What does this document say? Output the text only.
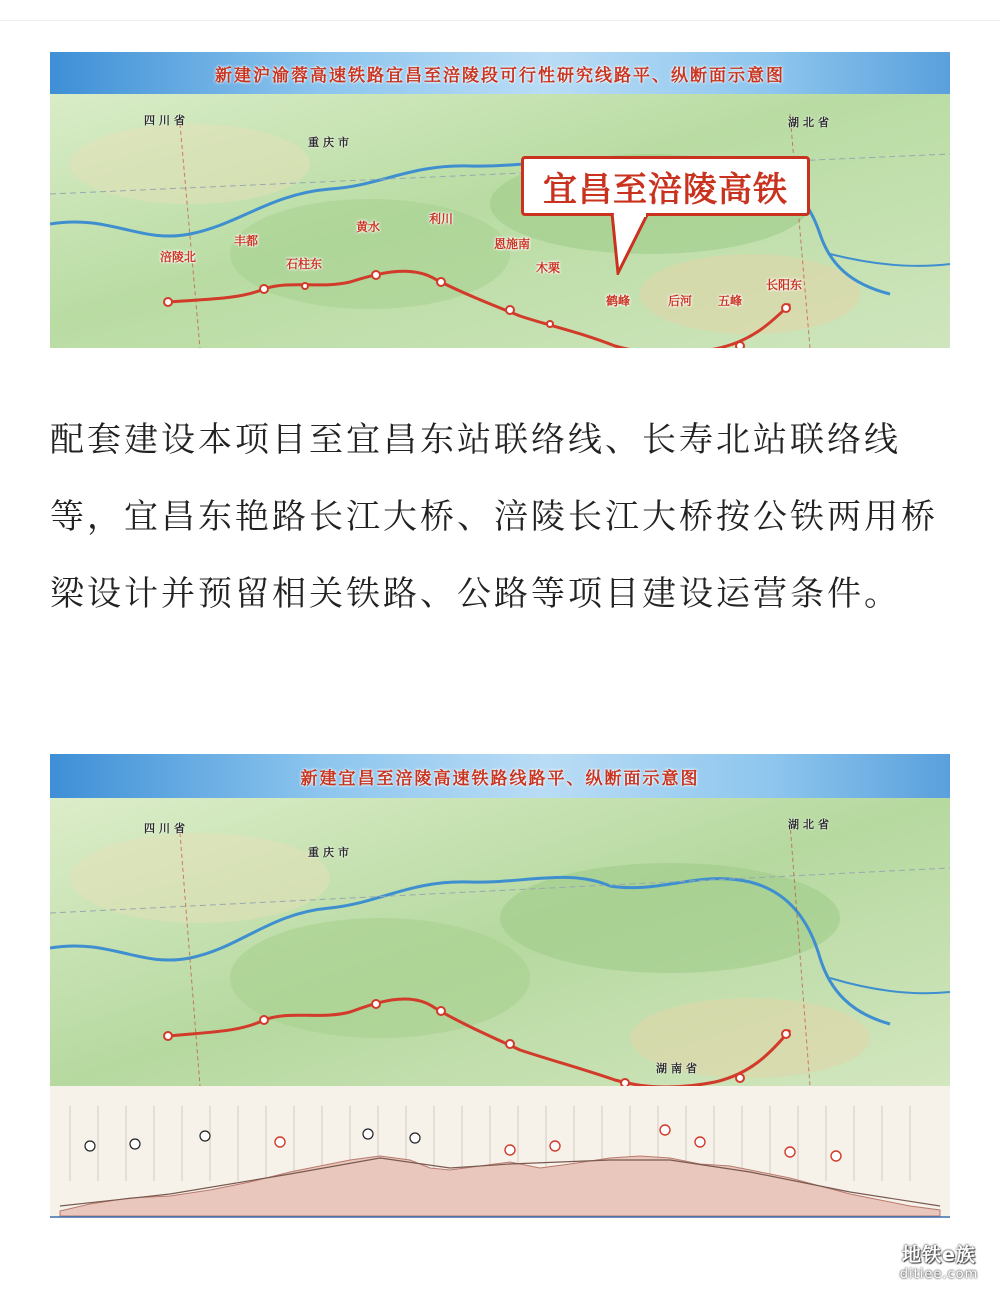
新建沪渝蓉高速铁路宜昌至涪陵段可行性研究线路平、纵断面示意图
四川省
重庆市
湖北省
宜昌至涪陵高铁
涪陵北
丰都
石柱东
黄水
利川
恩施南
木栗
鹤峰	后河 五峰
长阳东
配套建设本项目至宜昌东站联络线、长寿北站联络线等，宜昌东艳路长江大桥、涪陵长江大桥按公铁两用桥梁设计并预留相关铁路、公路等项目建设运营条件。
新建宜昌至涪陵高速铁路线路平、纵断面示意图
四川省
重庆市
湖北省
湖南省
地铁e族
ditiee.com
